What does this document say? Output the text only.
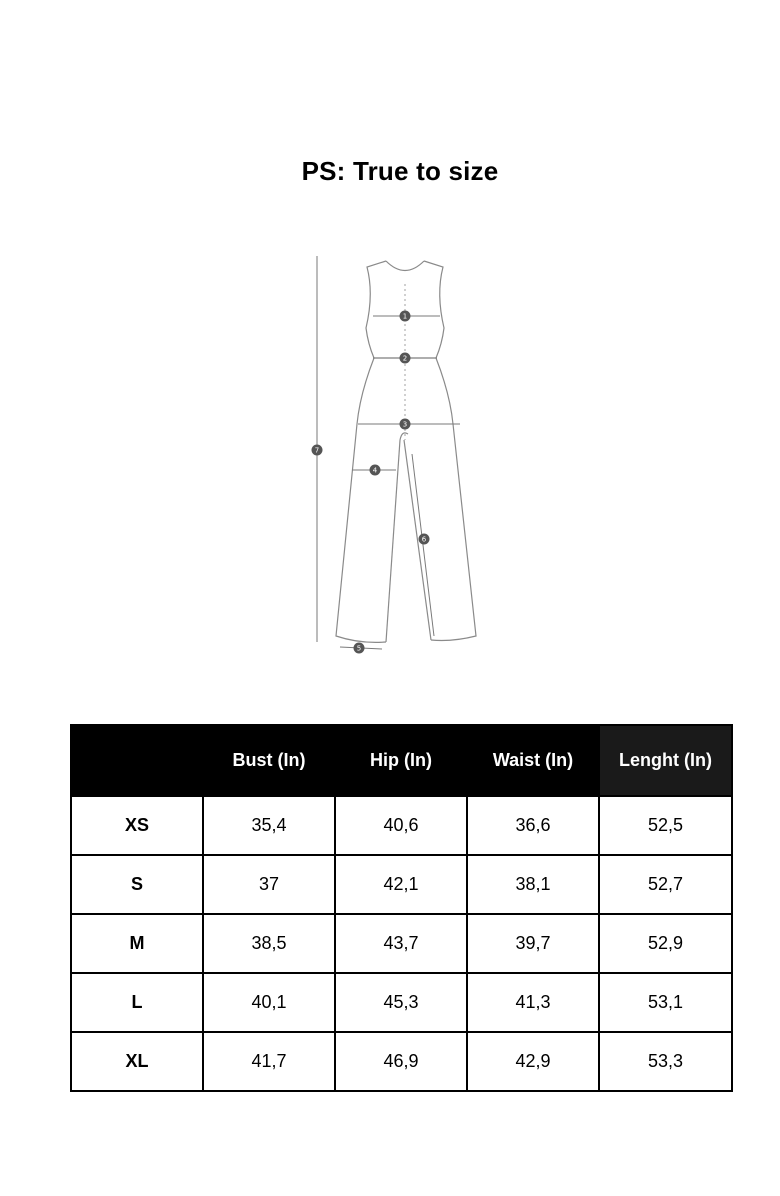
PS: True to size
1
2
3
4
5
6
7
	Bust (In)	Hip (In)	Waist (In)	Lenght (In)
XS	35,4	40,6	36,6	52,5
S	37	42,1	38,1	52,7
M	38,5	43,7	39,7	52,9
L	40,1	45,3	41,3	53,1
XL	41,7	46,9	42,9	53,3
